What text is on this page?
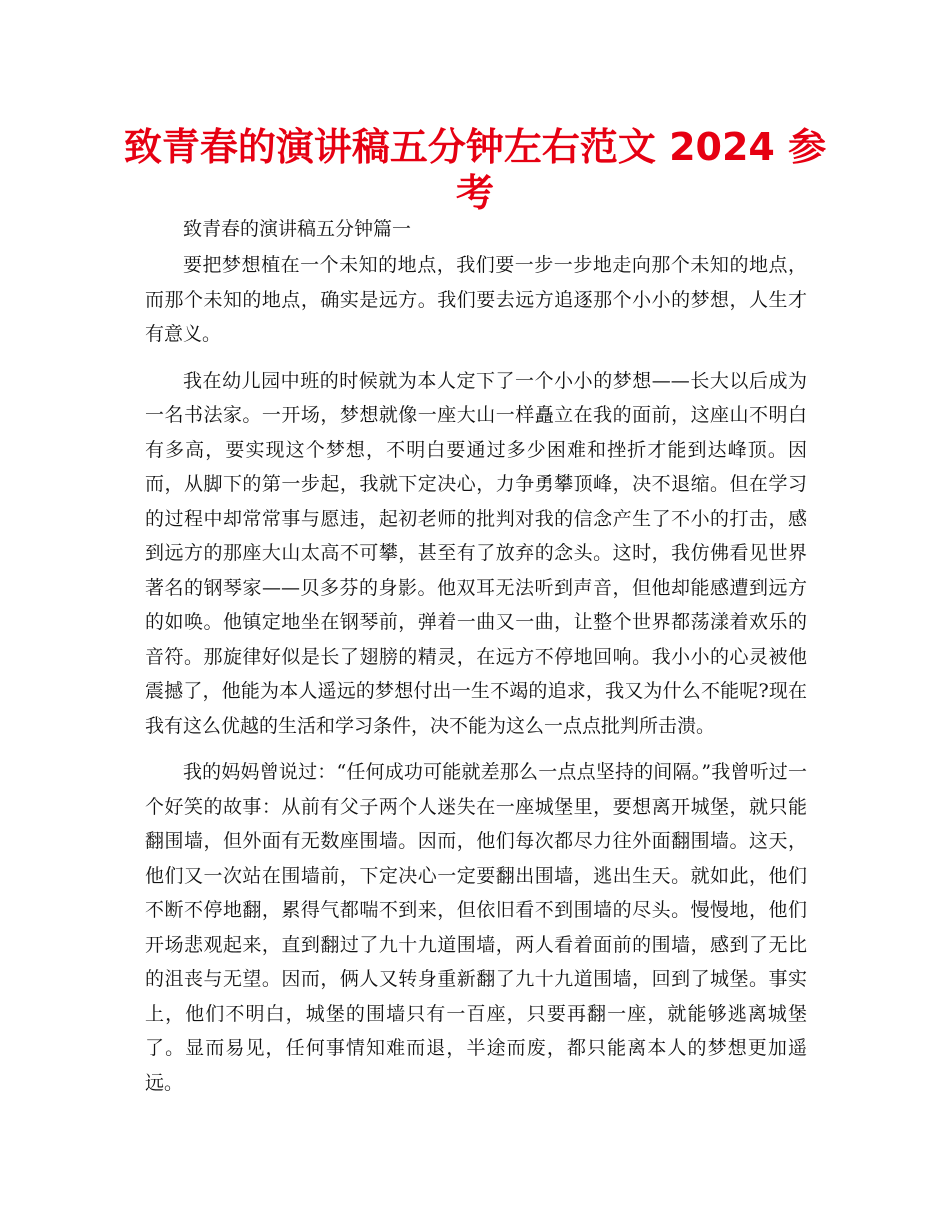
致青春的演讲稿五分钟左右范文 2024 参考

致青春的演讲稿五分钟篇一

要把梦想植在一个未知的地点，我们要一步一步地走向那个未知的地点，而那个未知的地点，确实是远方。我们要去远方追逐那个小小的梦想，人生才有意义。

我在幼儿园中班的时候就为本人定下了一个小小的梦想——长大以后成为一名书法家。一开场，梦想就像一座大山一样矗立在我的面前，这座山不明白有多高，要实现这个梦想，不明白要通过多少困难和挫折才能到达峰顶。因而，从脚下的第一步起，我就下定决心，力争勇攀顶峰，决不退缩。但在学习的过程中却常常事与愿违，起初老师的批判对我的信念产生了不小的打击，感到远方的那座大山太高不可攀，甚至有了放弃的念头。这时，我仿佛看见世界著名的钢琴家——贝多芬的身影。他双耳无法听到声音，但他却能感遭到远方的如唤。他镇定地坐在钢琴前，弹着一曲又一曲，让整个世界都荡漾着欢乐的音符。那旋律好似是长了翅膀的精灵，在远方不停地回响。我小小的心灵被他震撼了，他能为本人遥远的梦想付出一生不竭的追求，我又为什么不能呢?现在我有这么优越的生活和学习条件，决不能为这么一点点批判所击溃。

我的妈妈曾说过：“任何成功可能就差那么一点点坚持的间隔。”我曾听过一个好笑的故事：从前有父子两个人迷失在一座城堡里，要想离开城堡，就只能翻围墙，但外面有无数座围墙。因而，他们每次都尽力往外面翻围墙。这天，他们又一次站在围墙前，下定决心一定要翻出围墙，逃出生天。就如此，他们不断不停地翻，累得气都喘不到来，但依旧看不到围墙的尽头。慢慢地，他们开场悲观起来，直到翻过了九十九道围墙，两人看着面前的围墙，感到了无比的沮丧与无望。因而，俩人又转身重新翻了九十九道围墙，回到了城堡。事实上，他们不明白，城堡的围墙只有一百座，只要再翻一座，就能够逃离城堡了。显而易见，任何事情知难而退，半途而废，都只能离本人的梦想更加遥远。
